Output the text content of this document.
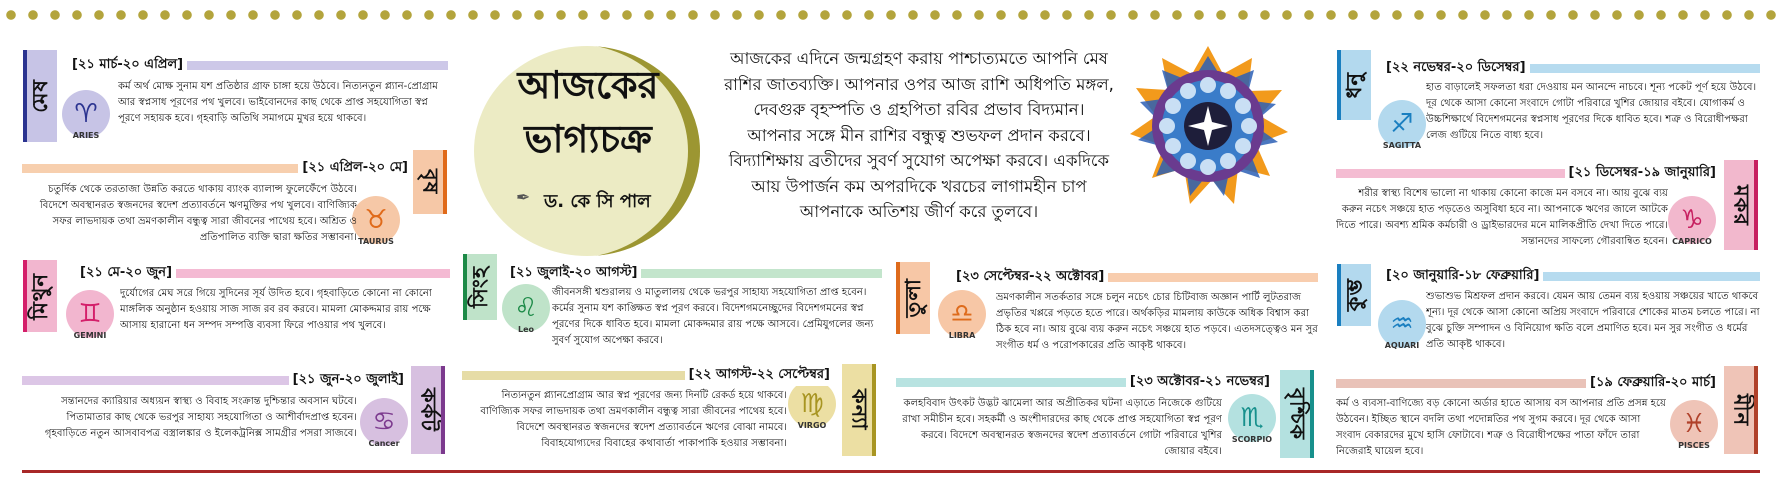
আজকের ভাগ্যচক্র
✒ ড. কে সি পাল
আজকের এদিনে জন্মগ্রহণ করায় পাশ্চাত্যমতে আপনি মেষ রাশির জাতব্যক্তি। আপনার ওপর আজ রাশি অধিপতি মঙ্গল, দেবগুরু বৃহস্পতি ও গ্রহপিতা রবির প্রভাব বিদ্যমান। আপনার সঙ্গে মীন রাশির বন্ধুত্ব শুভফল প্রদান করবে। বিদ্যাশিক্ষায় ব্রতীদের সুবর্ণ সুযোগ অপেক্ষা করবে। একদিকে আয় উপার্জন কম অপরদিকে খরচের লাগামহীন চাপ আপনাকে অতিশয় জীর্ণ করে তুলবে।
মেষ
♈
ARIES
[২১ মার্চ-২০ এপ্রিল]
কর্ম অর্থ মোক্ষ সুনাম যশ প্রতিষ্ঠার গ্রাফ চাঙ্গা হয়ে উঠবে। নিত্যনতুন প্ল্যান-প্রোগ্রাম আর স্বপ্নসাধ পূরণের পথ খুলবে। ভাইবোনদের কাছ থেকে প্রাপ্ত সহযোগিতা স্বপ্ন পূরণে সহায়ক হবে। গৃহবাড়ি অতিথি সমাগমে মুখর হয়ে থাকবে।
বৃষ
♉
TAURUS
[২১ এপ্রিল-২০ মে]
চতুর্দিক থেকে তরতাজা উন্নতি করতে থাকায় ব্যাংক ব্যালান্স ফুলেফেঁপে উঠবে। বিদেশে অবস্থানরত স্বজনদের স্বদেশ প্রত্যাবর্তনে ঋণমুক্তির পথ খুলবে। বাণিজ্যিক সফর লাভদায়ক তথা ভ্রমণকালীন বন্ধুত্ব সারা জীবনের পাথেয় হবে। অশ্রিত ও প্রতিপালিত ব্যক্তি দ্বারা ক্ষতির সম্ভাবনা।
মিথুন ♊
GEMINI
[২১ মে-২০ জুন]
দুর্যোগের মেঘ সরে গিয়ে সুদিনের সূর্য উদিত হবে। গৃহবাড়িতে কোনো না কোনো মাঙ্গলিক অনুষ্ঠান হওয়ায় সাজ সাজ রব রব করবে। মামলা মোকদ্দমার রায় পক্ষে আসায় হারানো ধন সম্পদ সম্পত্তি ব্যবসা ফিরে পাওয়ার পথ খুলবে।
কর্কট
♋
Cancer
[২১ জুন-২০ জুলাই]
সন্তানদের ক্যারিয়ার অধ্যয়ন স্বাস্থ্য ও বিবাহ সংক্রান্ত দুশ্চিন্তার অবসান ঘটবে। পিতামাতার কাছ থেকে ভরপুর সাহায্য সহযোগিতা ও আশীর্বাদপ্রাপ্ত হবেন। গৃহবাড়িতে নতুন আসবাবপত্র বস্ত্রালঙ্কার ও ইলেকট্রনিক্স সামগ্রীর পসরা সাজবে।
সিংহ
♌
Leo
[২১ জুলাই-২০ আগস্ট]
জীবনসঙ্গী শ্বশুরালয় ও মাতুলালয় থেকে ভরপুর সাহায্য সহযোগিতা প্রাপ্ত হবেন। কর্মের সুনাম যশ কাঙ্ক্ষিত স্বপ্ন পূরণ করবে। বিদেশগমনেচ্ছুদের বিদেশগমনের স্বপ্ন পূরণের দিকে ধাবিত হবে। মামলা মোকদ্দমার রায় পক্ষে আসবে। প্রেমিযুগলের জন্য সুবর্ণ সুযোগ অপেক্ষা করবে।
কন্যা
♍
VIRGO
[২২ আগস্ট-২২ সেপ্টেম্বর]
নিত্যনতুন প্ল্যানপ্রোগ্রাম আর স্বপ্ন পূরণের জন্য দিনটি রেকর্ড হয়ে থাকবে। বাণিজ্যিক সফর লাভদায়ক তথা ভ্রমণকালীন বন্ধুত্ব সারা জীবনের পাথেয় হবে। বিদেশে অবস্থানরত স্বজনদের স্বদেশ প্রত্যাবর্তনে ঋণের বোঝা নামবে। বিবাহযোগ্যদের বিবাহের কথাবার্তা পাকাপাকি হওয়ার সম্ভাবনা।
তুলা ♎
LIBRA
[২৩ সেপ্টেম্বর-২২ অক্টোবর]
ভ্রমণকালীন সতর্কতার সঙ্গে চলুন নচেৎ চোর চিটিবাজ অজ্ঞান পার্টি লুটতরাজ প্রভৃতির খপ্পরে পড়তে হতে পারে। অর্থকড়ির মামলায় কাউকে অধিক বিশ্বাস করা ঠিক হবে না। আয় বুঝে ব্যয় করুন নচেৎ সঞ্চয়ে হাত পড়বে। এতদসত্ত্বেও মন সুর সংগীত ধর্ম ও পরোপকারের প্রতি আকৃষ্ট থাকবে।
বৃশ্চিক
♏
SCORPIO
[২৩ অক্টোবর-২১ নভেম্বর]
কলহবিবাদ উৎকট উদ্ভট ঝামেলা আর অপ্রীতিকর ঘটনা এড়াতে নিজেকে গুটিয়ে রাখা সমীচীন হবে। সহকর্মী ও অংশীদারদের কাছ থেকে প্রাপ্ত সহযোগিতা স্বপ্ন পূরণ করবে। বিদেশে অবস্থানরত স্বজনদের স্বদেশ প্রত্যাবর্তনে গোটা পরিবারে খুশির জোয়ার বইবে।
ধনু
♐
SAGITTA
[২২ নভেম্বর-২০ ডিসেম্বর]
হাত বাড়ালেই সফলতা ধরা দেওয়ায় মন আনন্দে নাচবে। শূন্য পকেট পূর্ণ হয়ে উঠবে। দূর থেকে আসা কোনো সংবাদে গোটা পরিবারে খুশির জোয়ার বইবে। যোগাকর্ম ও উচ্চশিক্ষার্থে বিদেশগমনের স্বপ্নসাধ পূরণের দিকে ধাবিত হবে। শত্রু ও বিরোধীপক্ষরা লেজ গুটিয়ে নিতে বাধ্য হবে।
মকর
♑
CAPRICO
[২১ ডিসেম্বর-১৯ জানুয়ারি]
শরীর স্বাস্থ্য বিশেষ ভালো না থাকায় কোনো কাজে মন বসবে না। আয় বুঝে ব্যয় করুন নচেৎ সঞ্চয়ে হাত পড়তেও অসুবিধা হবে না। আপনাকে ঋণের জালে আটকে দিতে পারে। অবশ্য শ্রমিক কর্মচারী ও ড্রাইভারদের মনে মালিকপ্রীতি দেখা দিতে পারে। সন্তানদের সাফল্যে গৌরবান্বিত হবেন।
কুম্ভ
♒
AQUARI
[২০ জানুয়ারি-১৮ ফেব্রুয়ারি]
শুভাশুভ মিশ্রফল প্রদান করবে। যেমন আয় তেমন ব্যয় হওয়ায় সঞ্চয়ের খাতে থাকবে শূন্য। দূর থেকে আসা কোনো অপ্রিয় সংবাদে পরিবারে শোকের মাতম চলতে পারে। না বুঝে চুক্তি সম্পাদন ও বিনিয়োগ ক্ষতি বলে প্রমাণিত হবে। মন সুর সংগীত ও ধর্মের প্রতি আকৃষ্ট থাকবে।
মীন
♓
PISCES
[১৯ ফেব্রুয়ারি-২০ মার্চ]
কর্ম ও ব্যবসা-বাণিজ্যে বড় কোনো অর্ডার হাতে আসায় বস আপনার প্রতি প্রসন্ন হয়ে উঠবেন। ইচ্ছিত স্থানে বদলি তথা পদোন্নতির পথ সুগম করবে। দূর থেকে আসা সংবাদ বেকারদের মুখে হাসি ফোটাবে। শত্রু ও বিরোধীপক্ষের পাতা ফাঁদে তারা নিজেরাই ঘায়েল হবে।
